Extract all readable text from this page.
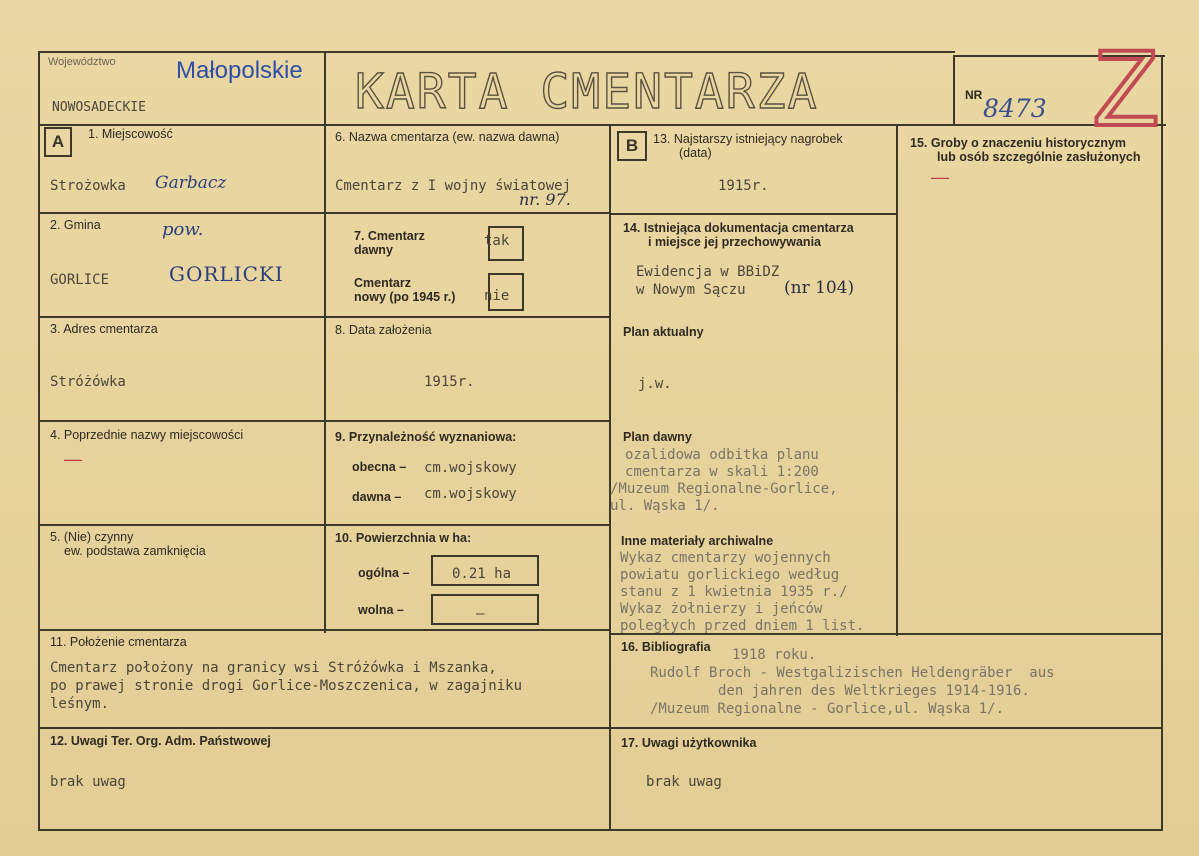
Województwo	Małopolskie
NOWOSADECKIE	KARTA CMENTARZA	NR 8473 Z
A	1. Miejscowość
Strożowka Garbacz
2. Gmina	pow.
GORLICE	GORLICKI
3. Adres cmentarza
Stróżówka
4. Poprzednie nazwy miejscowości
—
5. (Nie) czynny
ew. podstawa zamknięcia
6. Nazwa cmentarza (ew. nazwa dawna)
Cmentarz z I wojny światowej
nr. 97.
7. Cmentarz
dawny
tak
Cmentarz
nowy (po 1945 r.) nie
8. Data założenia
1915r.
9. Przynależność wyznaniowa:
obecna – cm.wojskowy
dawna – cm.wojskowy
10. Powierzchnia w ha:
ogólna –	0.21 ha
wolna –	–
11. Położenie cmentarza
Cmentarz położony na granicy wsi Stróżówka i Mszanka,
po prawej stronie drogi Gorlice-Moszczenica, w zagajniku
leśnym.
12. Uwagi Ter. Org. Adm. Państwowej
brak uwag
B	13. Najstarszy istniejący nagrobek
(data)
1915r.
14. Istniejąca dokumentacja cmentarza
i miejsce jej przechowywania
Ewidencja w BBiDZ
w Nowym Sączu (nr 104)
Plan aktualny
j.w.
Plan dawny
ozalidowa odbitka planu
cmentarza w skali 1:200
/Muzeum Regionalne-Gorlice,
ul. Wąska 1/.
Inne materiały archiwalne
Wykaz cmentarzy wojennych
powiatu gorlickiego według
stanu z 1 kwietnia 1935 r./
Wykaz żołnierzy i jeńców
poległych przed dniem 1 list.
1918 roku.
15. Groby o znaczeniu historycznym
lub osób szczególnie zasłużonych
—
16. Bibliografia
Rudolf Broch - Westgalizischen Heldengräber  aus
den jahren des Weltkrieges 1914-1916.
/Muzeum Regionalne - Gorlice,ul. Wąska 1/.
17. Uwagi użytkownika
brak uwag
